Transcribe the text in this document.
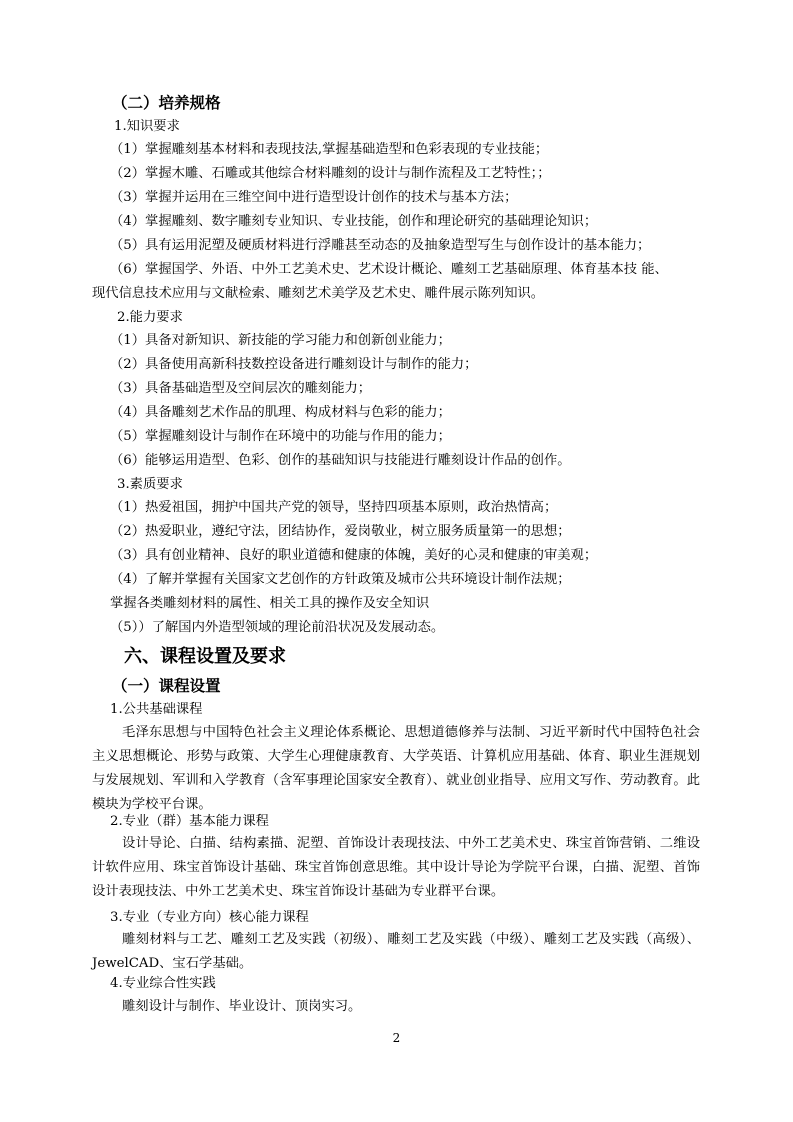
（二）培养规格
1.知识要求
（1）掌握雕刻基本材料和表现技法,掌握基础造型和色彩表现的专业技能；
（2）掌握木雕、石雕或其他综合材料雕刻的设计与制作流程及工艺特性；；
（3）掌握并运用在三维空间中进行造型设计创作的技术与基本方法；
（4）掌握雕刻、数字雕刻专业知识、专业技能，创作和理论研究的基础理论知识；
（5）具有运用泥塑及硬质材料进行浮雕甚至动态的及抽象造型写生与创作设计的基本能力；
（6）掌握国学、外语、中外工艺美术史、艺术设计概论、雕刻工艺基础原理、体育基本技 能、
现代信息技术应用与文献检索、雕刻艺术美学及艺术史、雕件展示陈列知识。
2.能力要求
（1）具备对新知识、新技能的学习能力和创新创业能力；
（2）具备使用高新科技数控设备进行雕刻设计与制作的能力；
（3）具备基础造型及空间层次的雕刻能力；
（4）具备雕刻艺术作品的肌理、构成材料与色彩的能力；
（5）掌握雕刻设计与制作在环境中的功能与作用的能力；
（6）能够运用造型、色彩、创作的基础知识与技能进行雕刻设计作品的创作。
3.素质要求
（1）热爱祖国，拥护中国共产党的领导，坚持四项基本原则，政治热情高；
（2）热爱职业，遵纪守法，团结协作，爱岗敬业，树立服务质量第一的思想；
（3）具有创业精神、良好的职业道德和健康的体魄，美好的心灵和健康的审美观；
（4）了解并掌握有关国家文艺创作的方针政策及城市公共环境设计制作法规；
掌握各类雕刻材料的属性、相关工具的操作及安全知识
（5））了解国内外造型领域的理论前沿状况及发展动态。
六、课程设置及要求
（一）课程设置
1.公共基础课程
毛泽东思想与中国特色社会主义理论体系概论、思想道德修养与法制、习近平新时代中国特色社会主义思想概论、形势与政策、大学生心理健康教育、大学英语、计算机应用基础、体育、职业生涯规划与发展规划、军训和入学教育（含军事理论国家安全教育）、就业创业指导、应用文写作、劳动教育。此模块为学校平台课。
2.专业（群）基本能力课程
设计导论、白描、结构素描、泥塑、首饰设计表现技法、中外工艺美术史、珠宝首饰营销、二维设计软件应用、珠宝首饰设计基础、珠宝首饰创意思维。其中设计导论为学院平台课，白描、泥塑、首饰设计表现技法、中外工艺美术史、珠宝首饰设计基础为专业群平台课。
3.专业（专业方向）核心能力课程
雕刻材料与工艺、雕刻工艺及实践（初级）、雕刻工艺及实践（中级）、雕刻工艺及实践（高级）、JewelCAD、宝石学基础。
4.专业综合性实践
雕刻设计与制作、毕业设计、顶岗实习。
2
